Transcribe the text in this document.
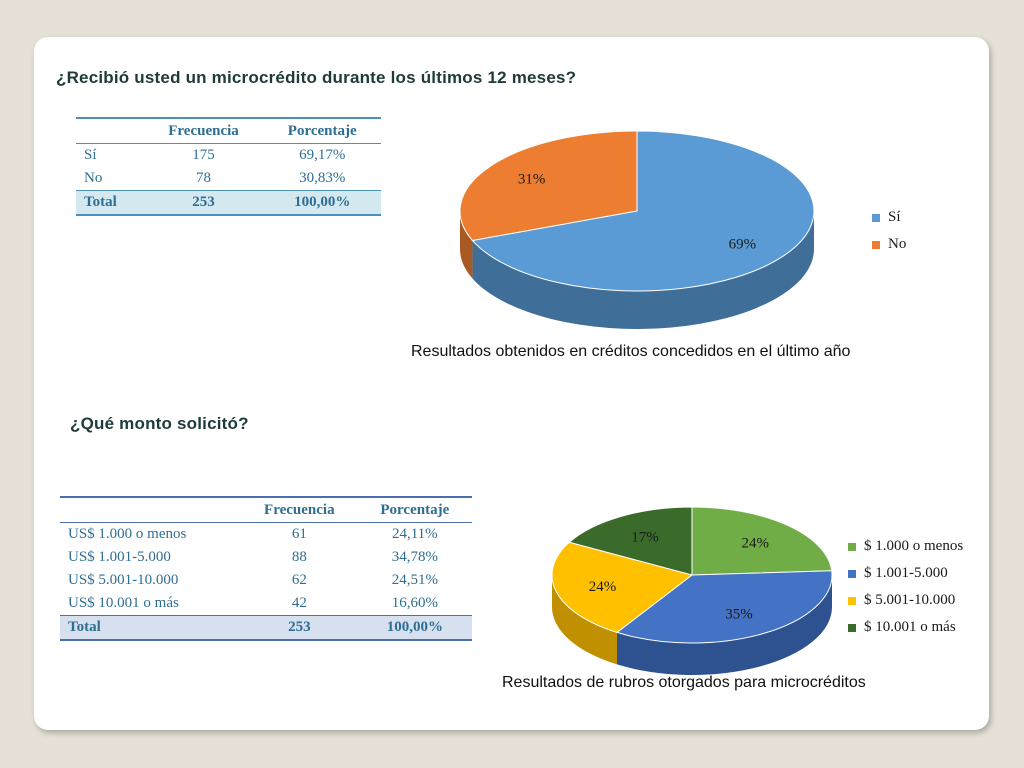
¿Recibió usted un microcrédito durante los últimos 12 meses?
	Frecuencia	Porcentaje
Sí	175	69,17%
No	78	30,83%
Total	253	100,00%
69%
31%
Sí
No
Resultados obtenidos en créditos concedidos en el último año
¿Qué monto solicitó?
	Frecuencia	Porcentaje
US$ 1.000 o menos	61	24,11%
US$ 1.001-5.000	88	34,78%
US$ 5.001-10.000	62	24,51%
US$ 10.001 o más	42	16,60%
Total	253	100,00%
24%
35%
24%
17%
$ 1.000 o menos
$ 1.001-5.000
$ 5.001-10.000
$ 10.001 o más
Resultados de rubros otorgados para microcréditos
